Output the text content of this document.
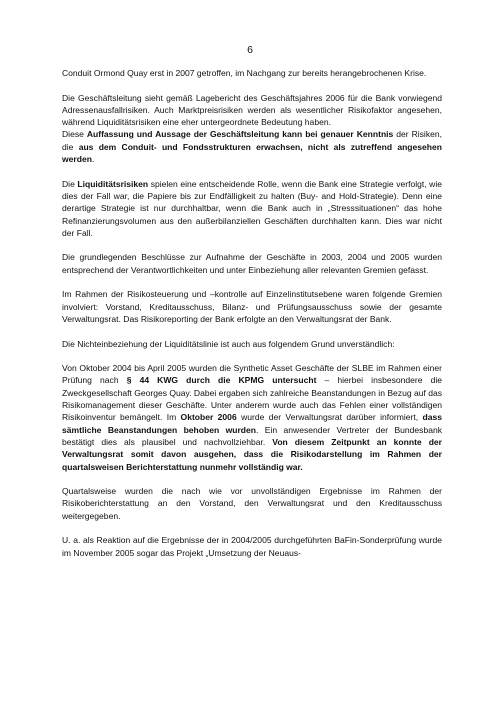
6

Conduit Ormond Quay erst in 2007 getroffen, im Nachgang zur bereits herangebrochenen Krise.

Die Geschäftsleitung sieht gemäß Lagebericht des Geschäftsjahres 2006 für die Bank vorwiegend Adressenausfallrisiken. Auch Marktpreisrisiken werden als wesentlicher Risikofaktor angesehen, während Liquiditätsrisiken eine eher untergeordnete Bedeutung haben.

Diese Auffassung und Aussage der Geschäftsleitung kann bei genauer Kenntnis der Risiken, die aus dem Conduit- und Fondsstrukturen erwachsen, nicht als zutreffend angesehen werden.

Die Liquiditätsrisiken spielen eine entscheidende Rolle, wenn die Bank eine Strategie verfolgt, wie dies der Fall war, die Papiere bis zur Endfälligkeit zu halten (Buy- and Hold-Strategie). Denn eine derartige Strategie ist nur durchhaltbar, wenn die Bank auch in „Stresssituationen“ das hohe Refinanzierungsvolumen aus den außerbilanziellen Geschäften durchhalten kann. Dies war nicht der Fall.

Die grundlegenden Beschlüsse zur Aufnahme der Geschäfte in 2003, 2004 und 2005 wurden entsprechend der Verantwortlichkeiten und unter Einbeziehung aller relevanten Gremien gefasst.

Im Rahmen der Risikosteuerung und –kontrolle auf Einzelinstitutsebene waren folgende Gremien involviert: Vorstand, Kreditausschuss, Bilanz- und Prüfungsausschuss sowie der gesamte Verwaltungsrat. Das Risikoreporting der Bank erfolgte an den Verwaltungsrat der Bank.

Die Nichteinbeziehung der Liquiditätslinie ist auch aus folgendem Grund unverständlich:

Von Oktober 2004 bis April 2005 wurden die Synthetic Asset Geschäfte der SLBE im Rahmen einer Prüfung nach § 44 KWG durch die KPMG untersucht – hierbei insbesondere die Zweckgesellschaft Georges Quay. Dabei ergaben sich zahlreiche Beanstandungen in Bezug auf das Risikomanagement dieser Geschäfte. Unter anderem wurde auch das Fehlen einer vollständigen Risikoinventur bemängelt. Im Oktober 2006 wurde der Verwaltungsrat darüber informiert, dass sämtliche Beanstandungen behoben wurden. Ein anwesender Vertreter der Bundesbank bestätigt dies als plausibel und nachvollziehbar. Von diesem Zeitpunkt an konnte der Verwaltungsrat somit davon ausgehen, dass die Risikodarstellung im Rahmen der quartalsweisen Berichterstattung nunmehr vollständig war.

Quartalsweise wurden die nach wie vor unvollständigen Ergebnisse im Rahmen der Risikoberichterstattung an den Vorstand, den Verwaltungsrat und den Kreditausschuss weitergegeben.

U. a. als Reaktion auf die Ergebnisse der in 2004/2005 durchgeführten BaFin-Sonderprüfung wurde im November 2005 sogar das Projekt „Umsetzung der Neuaus-
